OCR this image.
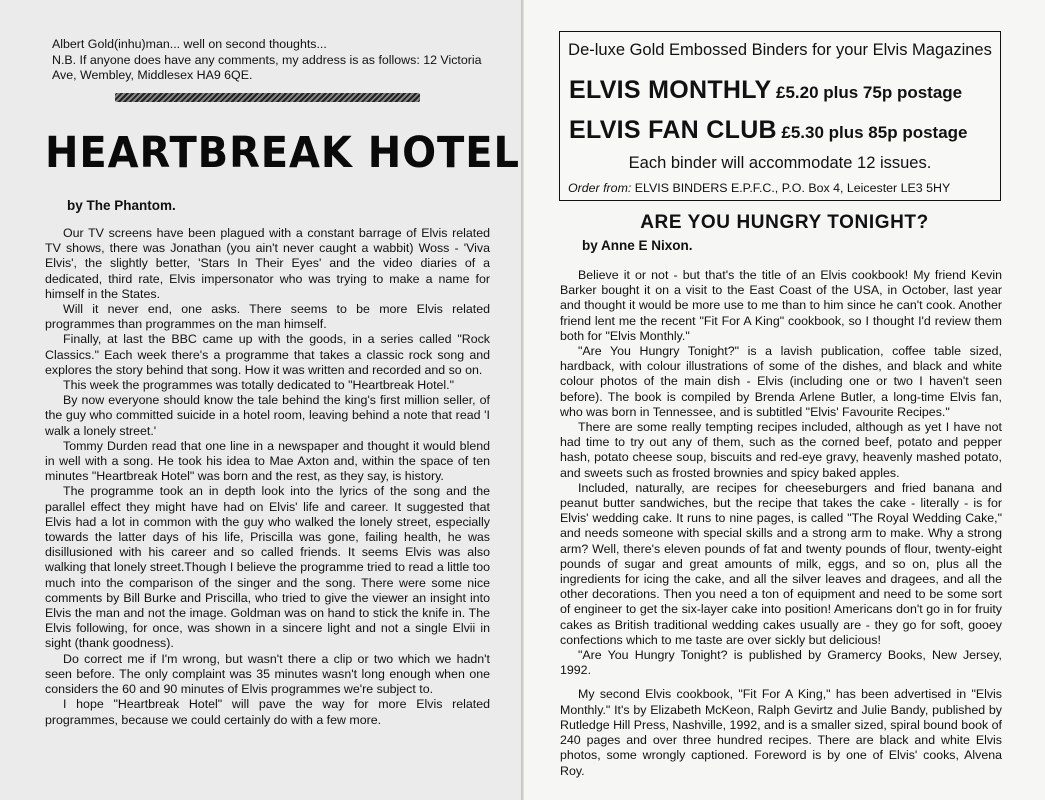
Albert Gold(inhu)man... well on second thoughts...

N.B. If anyone does have any comments, my address is as follows: 12 Victoria Ave, Wembley, Middlesex HA9 6QE.

HEARTBREAK HOTEL
by The Phantom.

Our TV screens have been plagued with a constant barrage of Elvis related TV shows, there was Jonathan (you ain't never caught a wabbit) Woss - 'Viva Elvis', the slightly better, 'Stars In Their Eyes' and the video diaries of a dedicated, third rate, Elvis impersonator who was trying to make a name for himself in the States.

Will it never end, one asks. There seems to be more Elvis related programmes than programmes on the man himself.

Finally, at last the BBC came up with the goods, in a series called "Rock Classics." Each week there's a programme that takes a classic rock song and explores the story behind that song. How it was written and recorded and so on.

This week the programmes was totally dedicated to "Heartbreak Hotel."

By now everyone should know the tale behind the king's first million seller, of the guy who committed suicide in a hotel room, leaving behind a note that read 'I walk a lonely street.'

Tommy Durden read that one line in a newspaper and thought it would blend in well with a song. He took his idea to Mae Axton and, within the space of ten minutes "Heartbreak Hotel" was born and the rest, as they say, is history.

The programme took an in depth look into the lyrics of the song and the parallel effect they might have had on Elvis' life and career. It suggested that Elvis had a lot in common with the guy who walked the lonely street, especially towards the latter days of his life, Priscilla was gone, failing health, he was disillusioned with his career and so called friends. It seems Elvis was also walking that lonely street.Though I believe the programme tried to read a little too much into the comparison of the singer and the song. There were some nice comments by Bill Burke and Priscilla, who tried to give the viewer an insight into Elvis the man and not the image. Goldman was on hand to stick the knife in. The Elvis following, for once, was shown in a sincere light and not a single Elvii in sight (thank goodness).

Do correct me if I'm wrong, but wasn't there a clip or two which we hadn't seen before. The only complaint was 35 minutes wasn't long enough when one considers the 60 and 90 minutes of Elvis programmes we're subject to.

I hope "Heartbreak Hotel" will pave the way for more Elvis related programmes, because we could certainly do with a few more.

De-luxe Gold Embossed Binders for your Elvis Magazines
ELVIS MONTHLY £5.20 plus 75p postage
ELVIS FAN CLUB £5.30 plus 85p postage
Each binder will accommodate 12 issues.
Order from: ELVIS BINDERS E.P.F.C., P.O. Box 4, Leicester LE3 5HY
ARE YOU HUNGRY TONIGHT?
by Anne E Nixon.

Believe it or not - but that's the title of an Elvis cookbook! My friend Kevin Barker bought it on a visit to the East Coast of the USA, in October, last year and thought it would be more use to me than to him since he can't cook. Another friend lent me the recent "Fit For A King" cookbook, so I thought I'd review them both for "Elvis Monthly."

"Are You Hungry Tonight?" is a lavish publication, coffee table sized, hardback, with colour illustrations of some of the dishes, and black and white colour photos of the main dish - Elvis (including one or two I haven't seen before). The book is compiled by Brenda Arlene Butler, a long-time Elvis fan, who was born in Tennessee, and is subtitled "Elvis' Favourite Recipes."

There are some really tempting recipes included, although as yet I have not had time to try out any of them, such as the corned beef, potato and pepper hash, potato cheese soup, biscuits and red-eye gravy, heavenly mashed potato, and sweets such as frosted brownies and spicy baked apples.

Included, naturally, are recipes for cheeseburgers and fried banana and peanut butter sandwiches, but the recipe that takes the cake - literally - is for Elvis' wedding cake. It runs to nine pages, is called "The Royal Wedding Cake," and needs someone with special skills and a strong arm to make. Why a strong arm? Well, there's eleven pounds of fat and twenty pounds of flour, twenty-eight pounds of sugar and great amounts of milk, eggs, and so on, plus all the ingredients for icing the cake, and all the silver leaves and dragees, and all the other decorations. Then you need a ton of equipment and need to be some sort of engineer to get the six-layer cake into position! Americans don't go in for fruity cakes as British traditional wedding cakes usually are - they go for soft, gooey confections which to me taste are over sickly but delicious!

"Are You Hungry Tonight? is published by Gramercy Books, New Jersey, 1992.

My second Elvis cookbook, "Fit For A King," has been advertised in "Elvis Monthly." It's by Elizabeth McKeon, Ralph Gevirtz and Julie Bandy, published by Rutledge Hill Press, Nashville, 1992, and is a smaller sized, spiral bound book of 240 pages and over three hundred recipes. There are black and white Elvis photos, some wrongly captioned. Foreword is by one of Elvis' cooks, Alvena Roy.
